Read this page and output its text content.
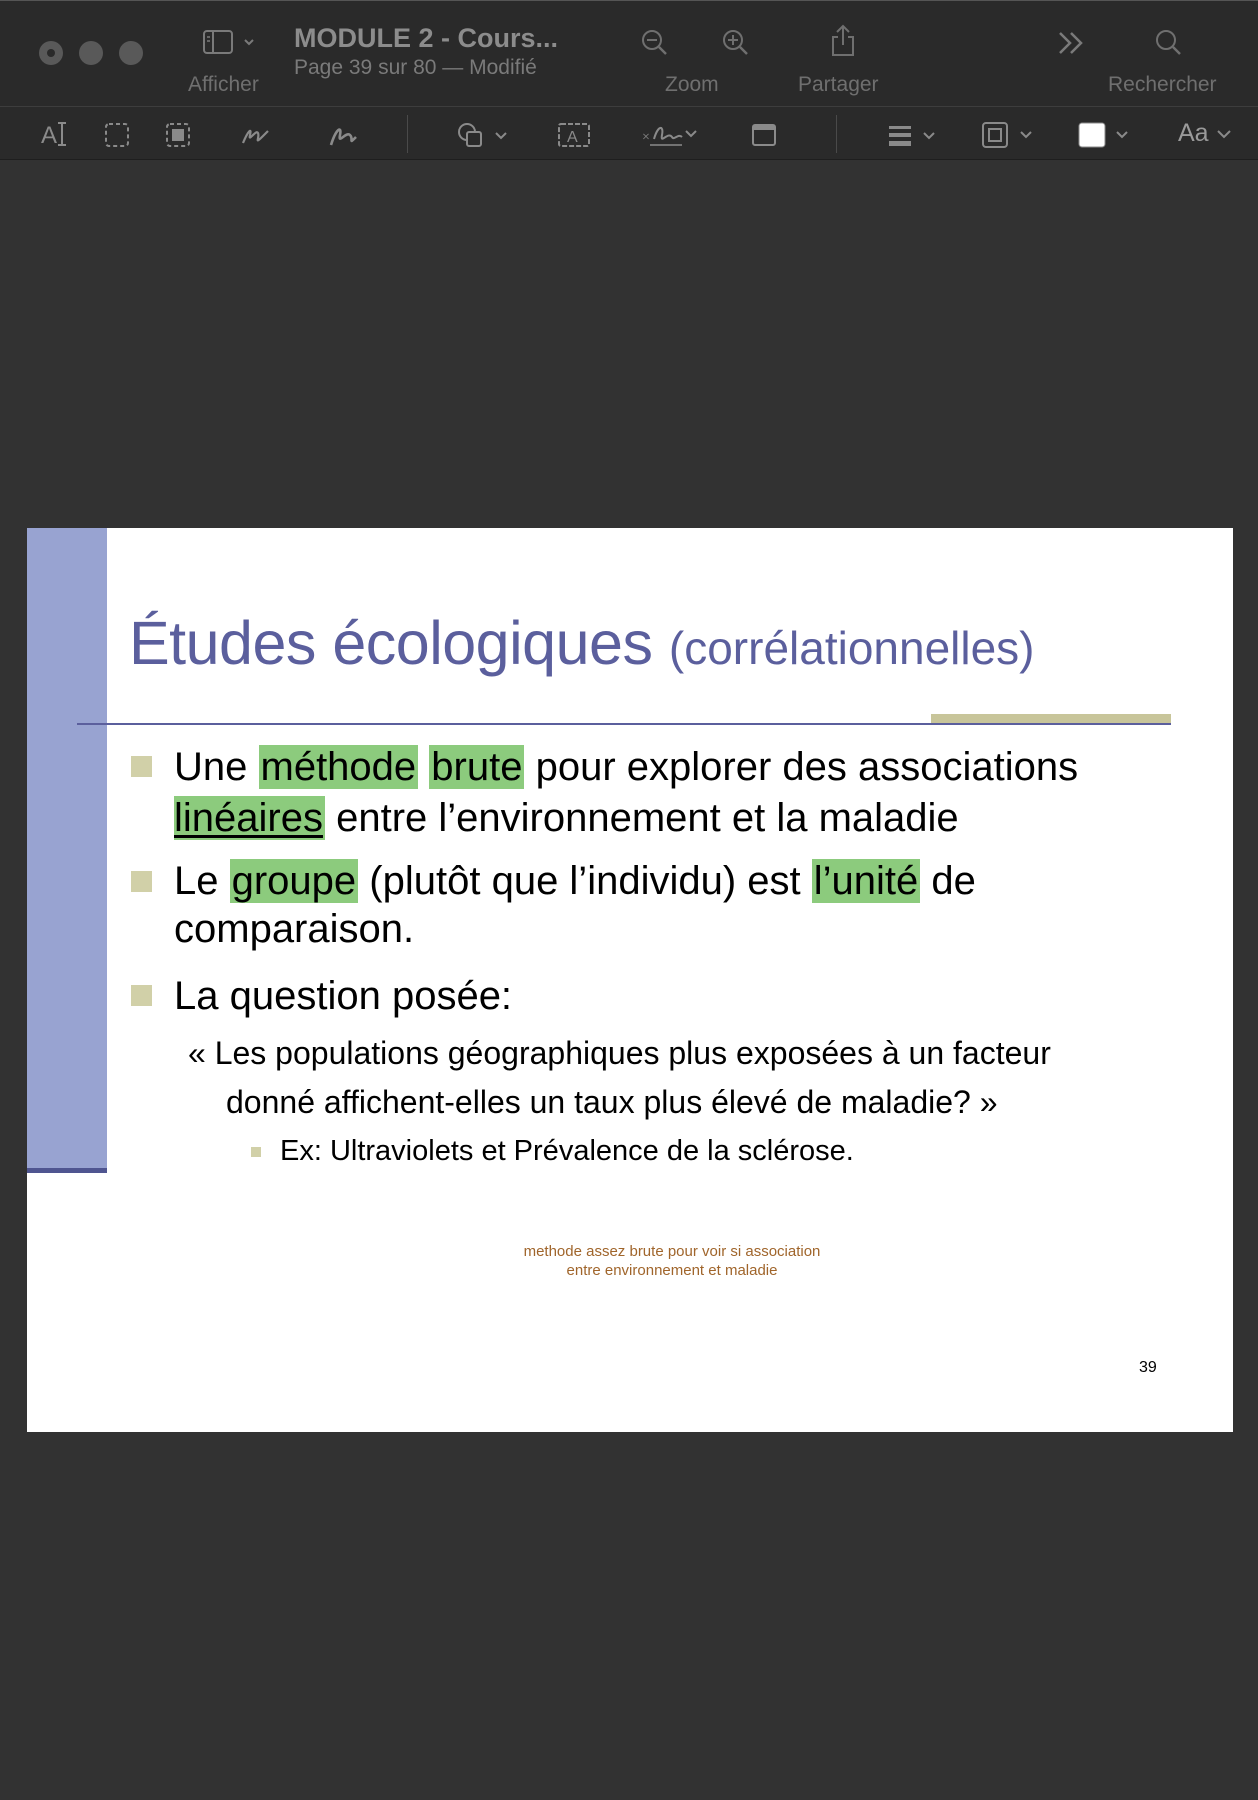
Afficher
MODULE 2 - Cours...
Page 39 sur 80 — Modifié
Zoom	Partager	Rechercher
A	A	×	Aa
Études écologiques (corrélationnelles)
Une méthode brute pour explorer des associations
linéaires entre l’environnement et la maladie
Le groupe (plutôt que l’individu) est l’unité de
comparaison.
La question posée:
« Les populations géographiques plus exposées à un facteur
donné affichent-elles un taux plus élevé de maladie? »
Ex: Ultraviolets et Prévalence de la sclérose.
methode assez brute pour voir si association
entre environnement et maladie
39
